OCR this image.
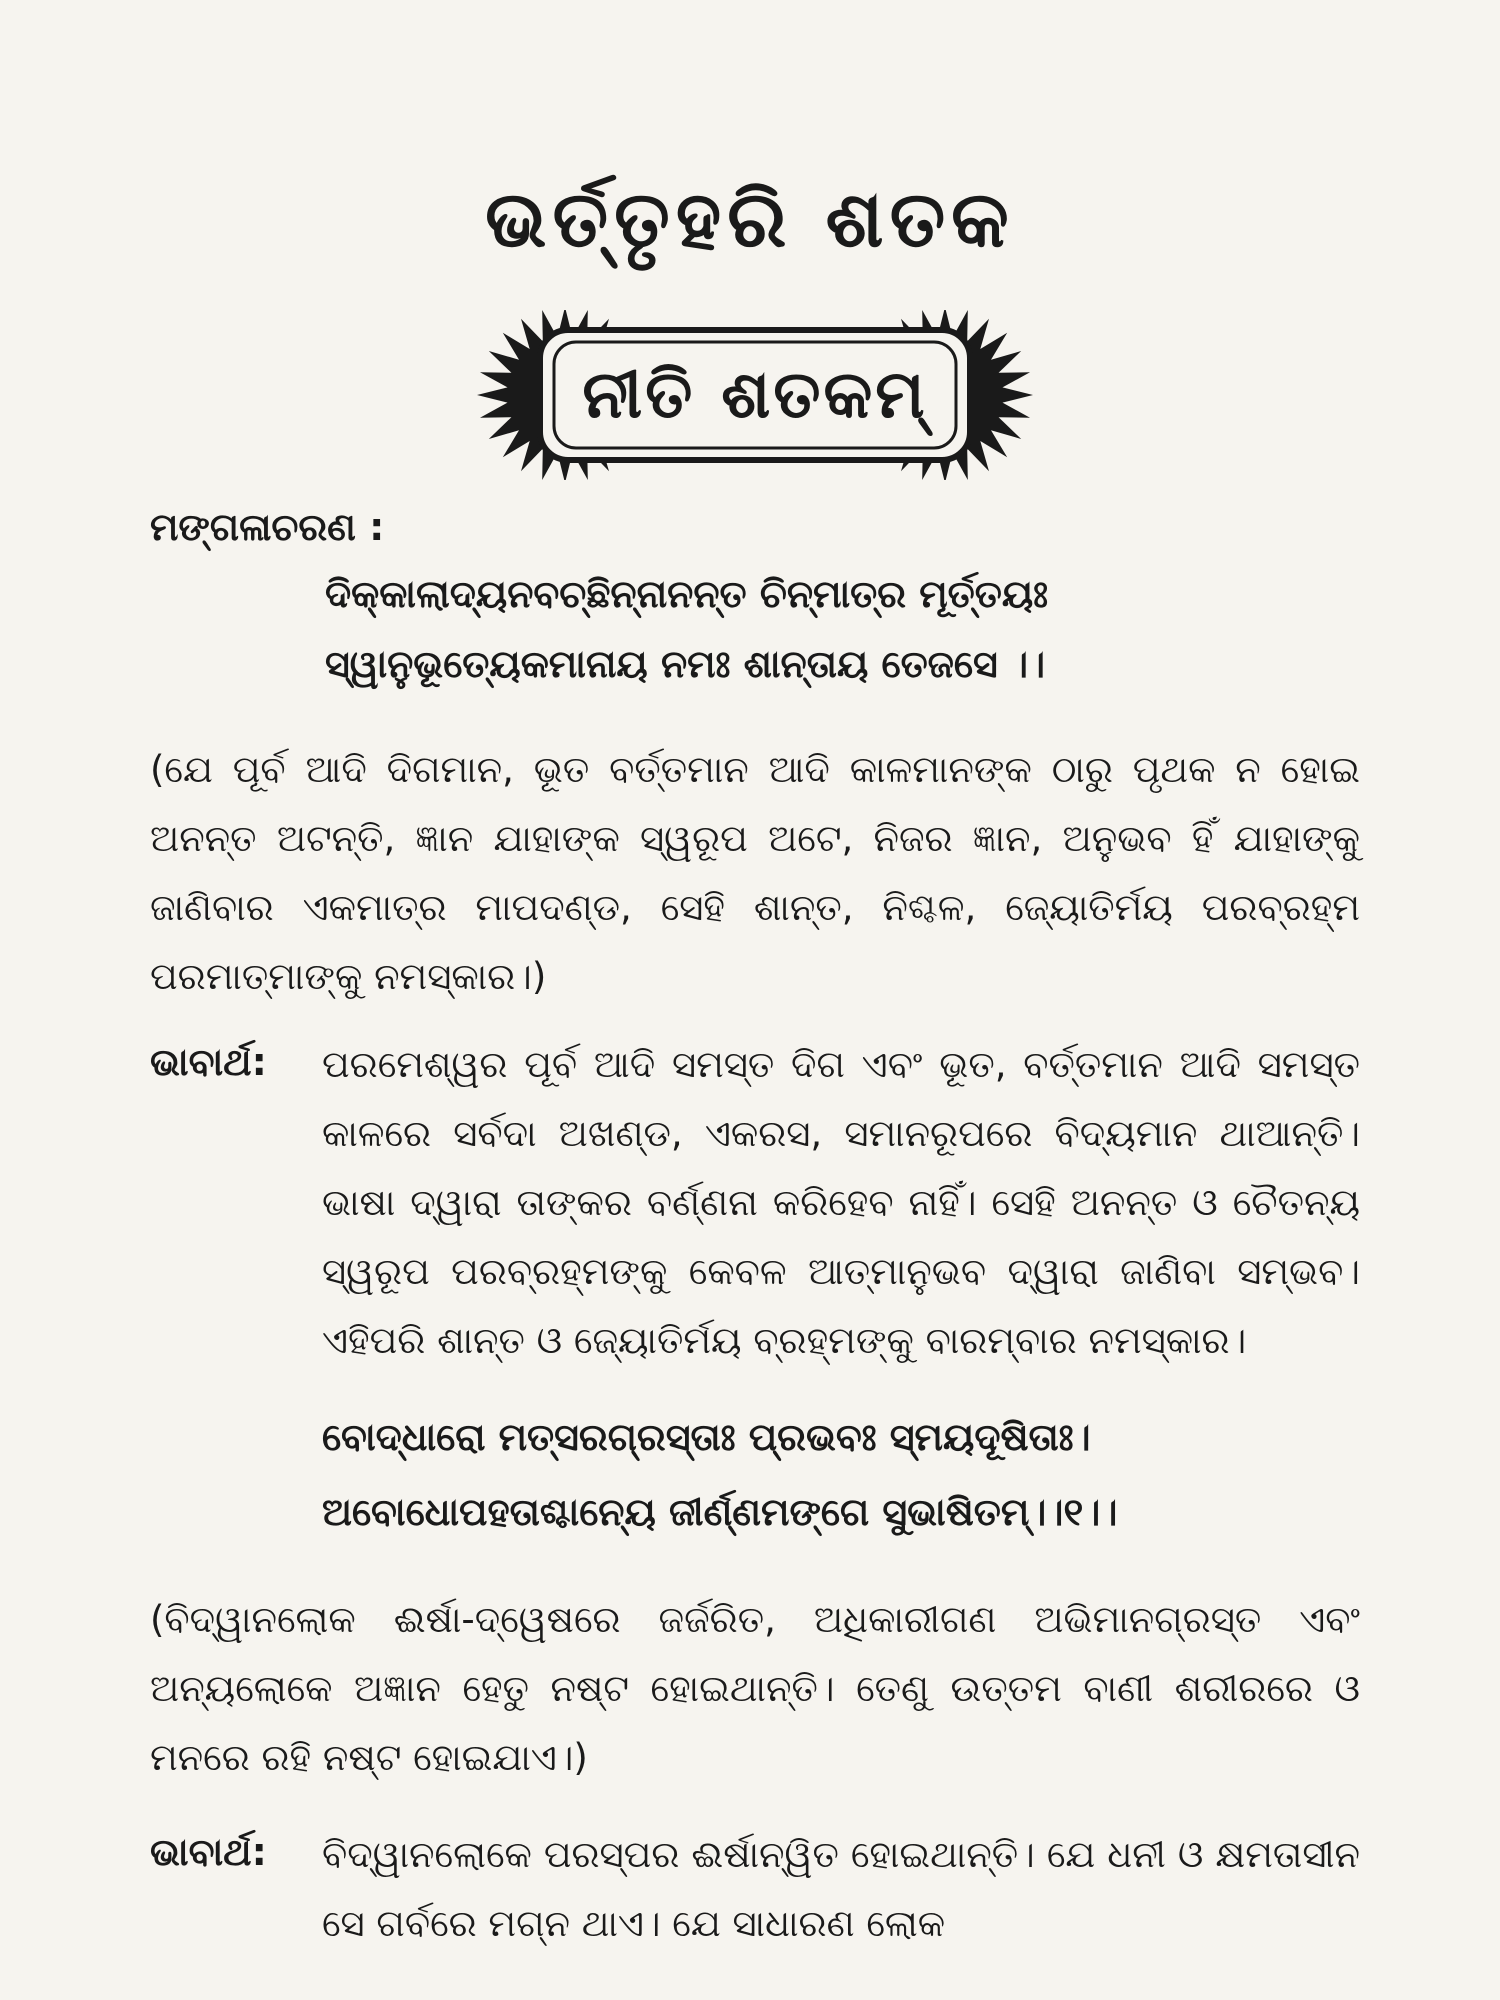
ଭର୍ତ୍ତୃହରି ଶତକ
ନୀତି ଶତକମ୍

ମଙ୍ଗଳାଚରଣ :

ଦିକ୍କାଲାଦ୍ୟନବଚ୍ଛିନ୍ନାନନ୍ତ ଚିନ୍ମାତ୍ର ମୂର୍ତ୍ତୟଃ

ସ୍ୱାନୁଭୂତ୍ୟେକମାନାୟ ନମଃ ଶାନ୍ତାୟ ତେଜସେ ।।

(ଯେ ପୂର୍ବ ଆଦି ଦିଗମାନ, ଭୂତ ବର୍ତ୍ତମାନ ଆଦି କାଳମାନଙ୍କ ଠାରୁ ପୃଥକ ନ ହୋଇ ଅନନ୍ତ ଅଟନ୍ତି, ଜ୍ଞାନ ଯାହାଙ୍କ ସ୍ୱରୂପ ଅଟେ, ନିଜର ଜ୍ଞାନ, ଅନୁଭବ ହିଁ ଯାହାଙ୍କୁ ଜାଣିବାର ଏକମାତ୍ର ମାପଦଣ୍ଡ, ସେହି ଶାନ୍ତ, ନିଶ୍ଚଳ, ଜ୍ୟୋତିର୍ମୟ ପରବ୍ରହ୍ମ ପରମାତ୍ମାଙ୍କୁ ନମସ୍କାର।)

ଭାବାର୍ଥ: ପରମେଶ୍ୱର ପୂର୍ବ ଆଦି ସମସ୍ତ ଦିଗ ଏବଂ ଭୂତ, ବର୍ତ୍ତମାନ ଆଦି ସମସ୍ତ କାଳରେ ସର୍ବଦା ଅଖଣ୍ଡ, ଏକରସ, ସମାନରୂପରେ ବିଦ୍ୟମାନ ଥାଆନ୍ତି। ଭାଷା ଦ୍ୱାରା ତାଙ୍କର ବର୍ଣ୍ଣନା କରିହେବ ନାହିଁ। ସେହି ଅନନ୍ତ ଓ ଚୈତନ୍ୟ ସ୍ୱରୂପ ପରବ୍ରହ୍ମଙ୍କୁ କେବଳ ଆତ୍ମାନୁଭବ ଦ୍ୱାରା ଜାଣିବା ସମ୍ଭବ। ଏହିପରି ଶାନ୍ତ ଓ ଜ୍ୟୋତିର୍ମୟ ବ୍ରହ୍ମଙ୍କୁ ବାରମ୍ବାର ନମସ୍କାର।

ବୋଦ୍ଧାରୋ ମତ୍ସରଗ୍ରସ୍ତାଃ ପ୍ରଭବଃ ସ୍ମୟଦୂଷିତାଃ।

ଅବୋଧୋପହତାଶ୍ଚାନ୍ୟେ ଜୀର୍ଣ୍ଣମଙ୍ଗେ ସୁଭାଷିତମ୍।।୧।।

(ବିଦ୍ୱାନଲୋକ ଈର୍ଷା-ଦ୍ୱେଷରେ ଜର୍ଜରିତ, ଅଧିକାରୀଗଣ ଅଭିମାନଗ୍ରସ୍ତ ଏବଂ ଅନ୍ୟଲୋକେ ଅଜ୍ଞାନ ହେତୁ ନଷ୍ଟ ହୋଇଥାନ୍ତି। ତେଣୁ ଉତ୍ତମ ବାଣୀ ଶରୀରରେ ଓ ମନରେ ରହି ନଷ୍ଟ ହୋଇଯାଏ।)

ଭାବାର୍ଥ: ବିଦ୍ୱାନଲୋକେ ପରସ୍ପର ଈର୍ଷାନ୍ୱିତ ହୋଇଥାନ୍ତି। ଯେ ଧନୀ ଓ କ୍ଷମତାସୀନ ସେ ଗର୍ବରେ ମଗ୍ନ ଥାଏ। ଯେ ସାଧାରଣ ଲୋକ
